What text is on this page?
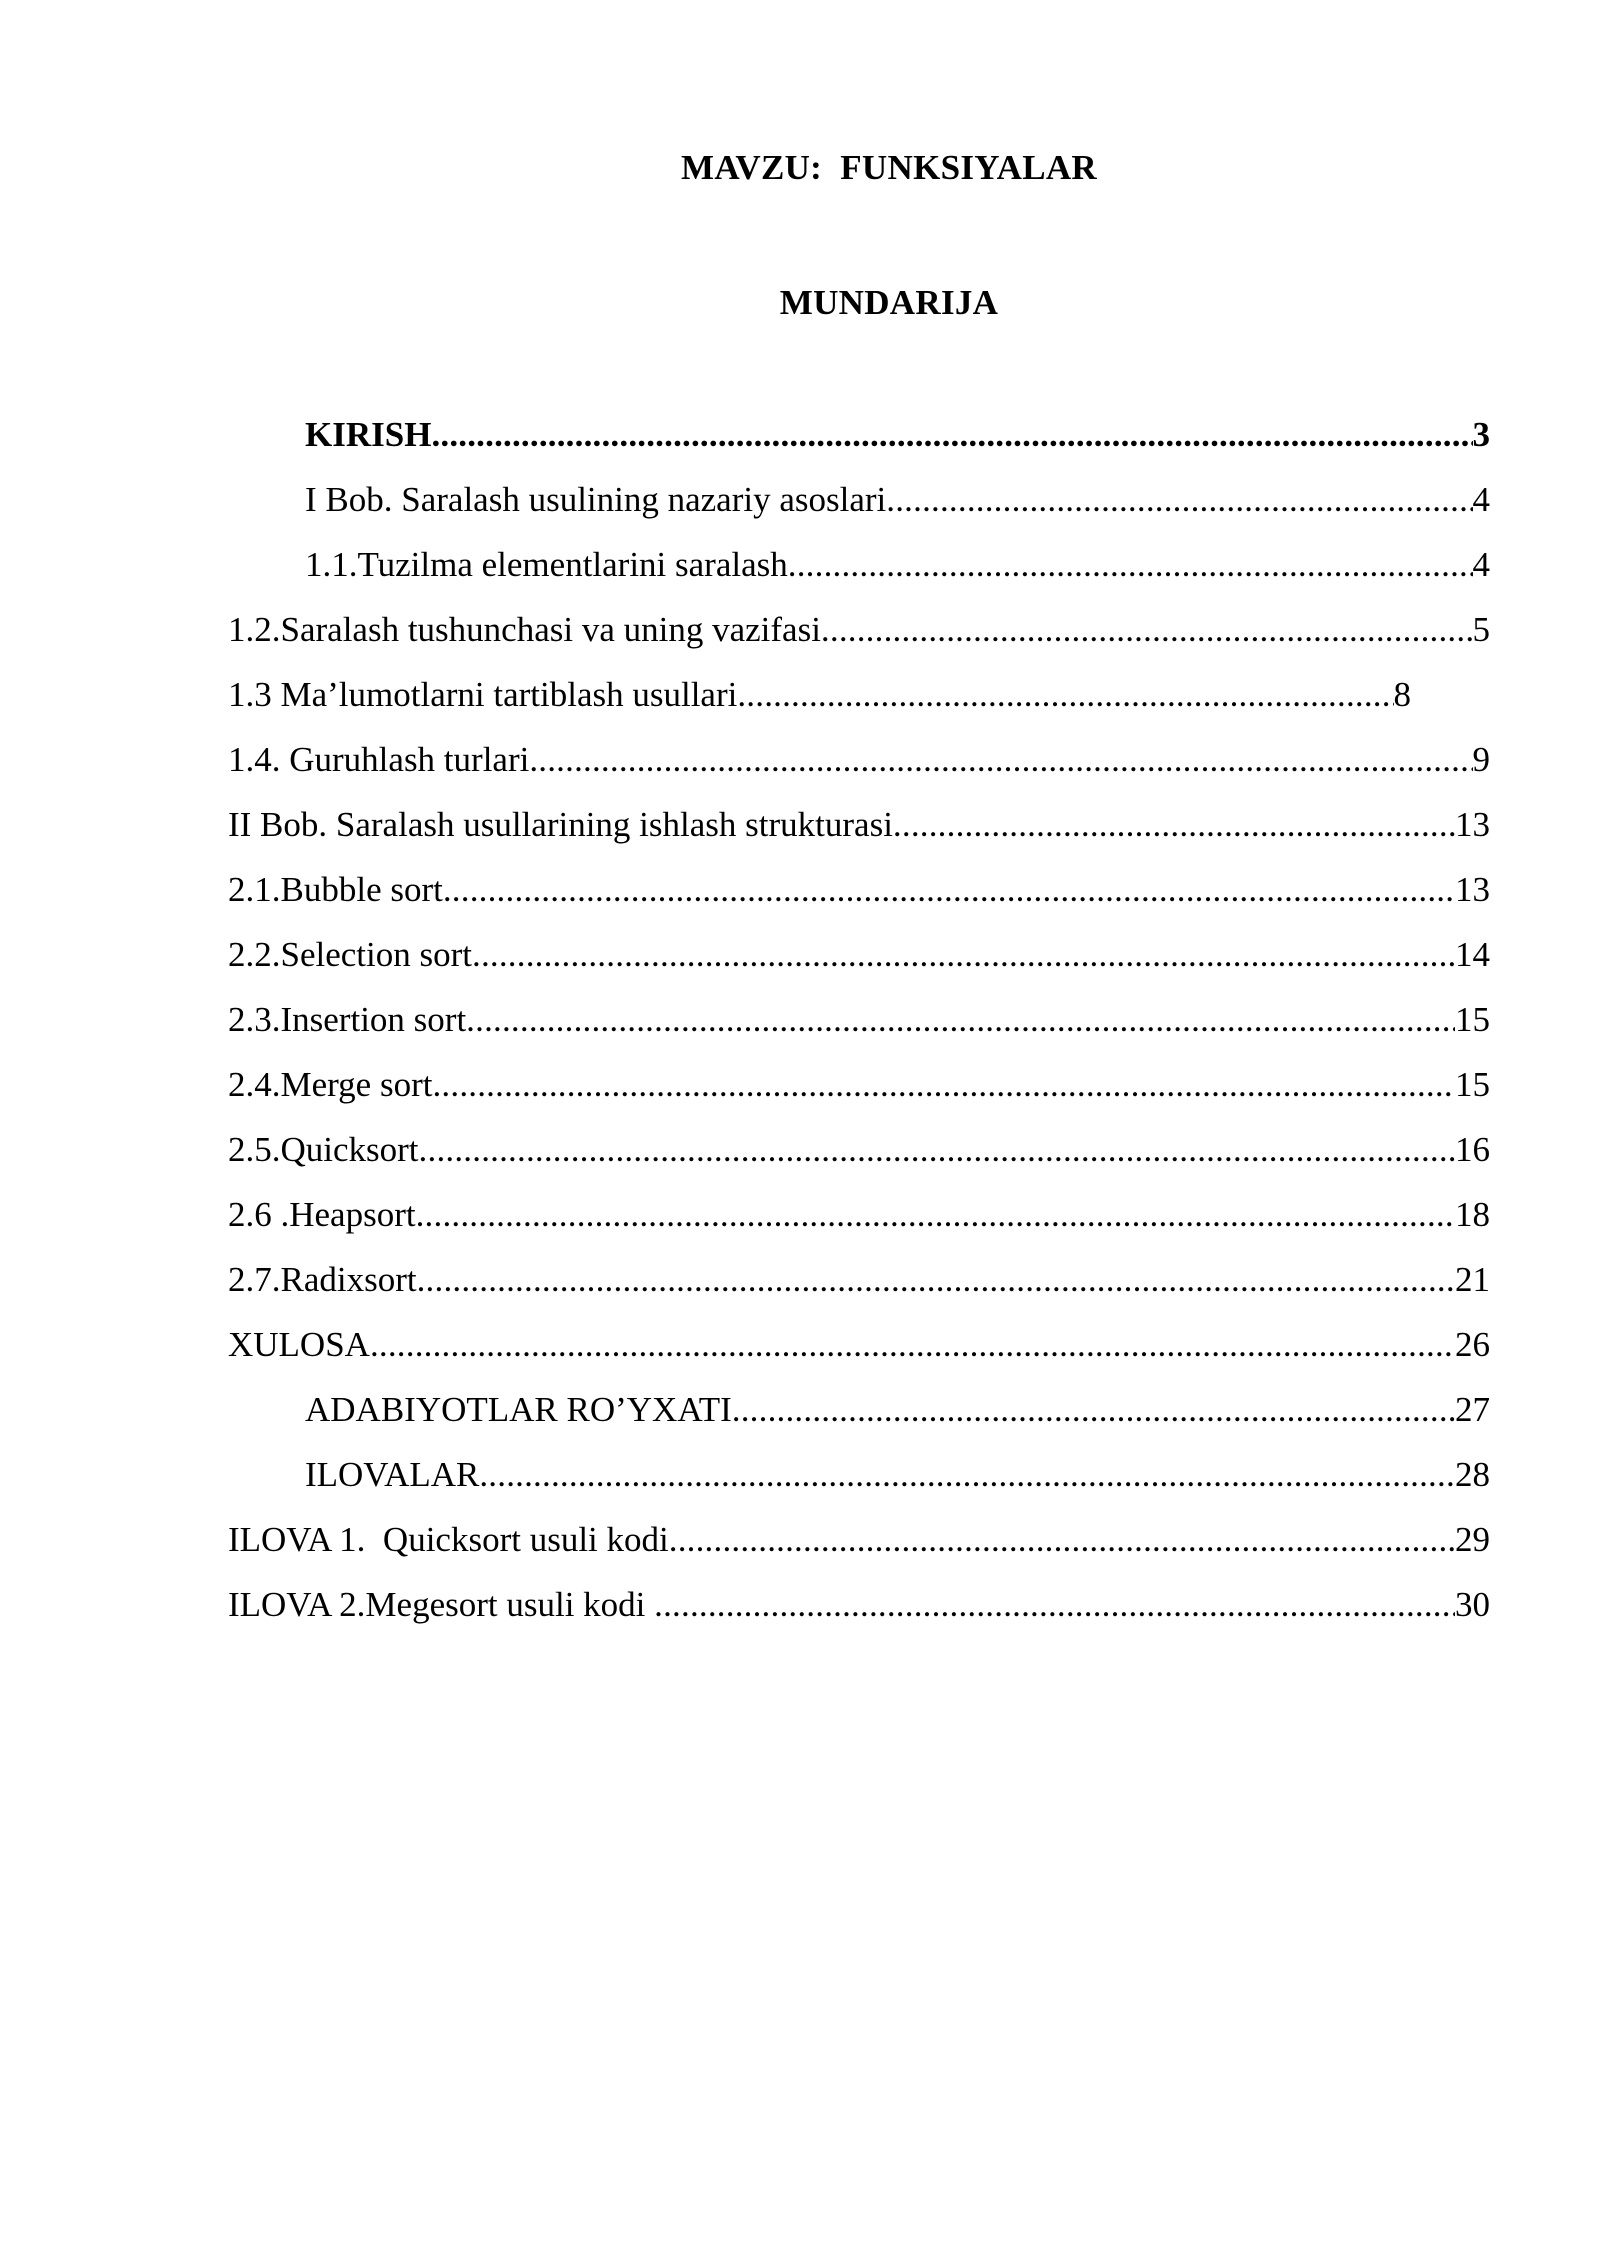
MAVZU:  FUNKSIYALAR
MUNDARIJA
KIRISH .....	3
I Bob. Saralash usulining nazariy asoslari .....	4
1.1.Tuzilma elementlarini saralash .....	4
1.2.Saralash tushunchasi va uning vazifasi .....	5
1.3 Ma’lumotlarni tartiblash usullari .....	8
1.4. Guruhlash turlari .....	9
II Bob. Saralash usullarining ishlash strukturasi .....	13
2.1.Bubble sort .....	13
2.2.Selection sort .....	14
2.3.Insertion sort .....	15
2.4.Merge sort .....	15
2.5.Quicksort .....	16
2.6 .Heapsort .....	18
2.7.Radixsort .....	21
XULOSA .....	26
ADABIYOTLAR RO’YXATI .....	27
ILOVALAR .....	28
ILOVA 1.  Quicksort usuli kodi .....	29
ILOVA 2.Megesort usuli kodi .....	30
